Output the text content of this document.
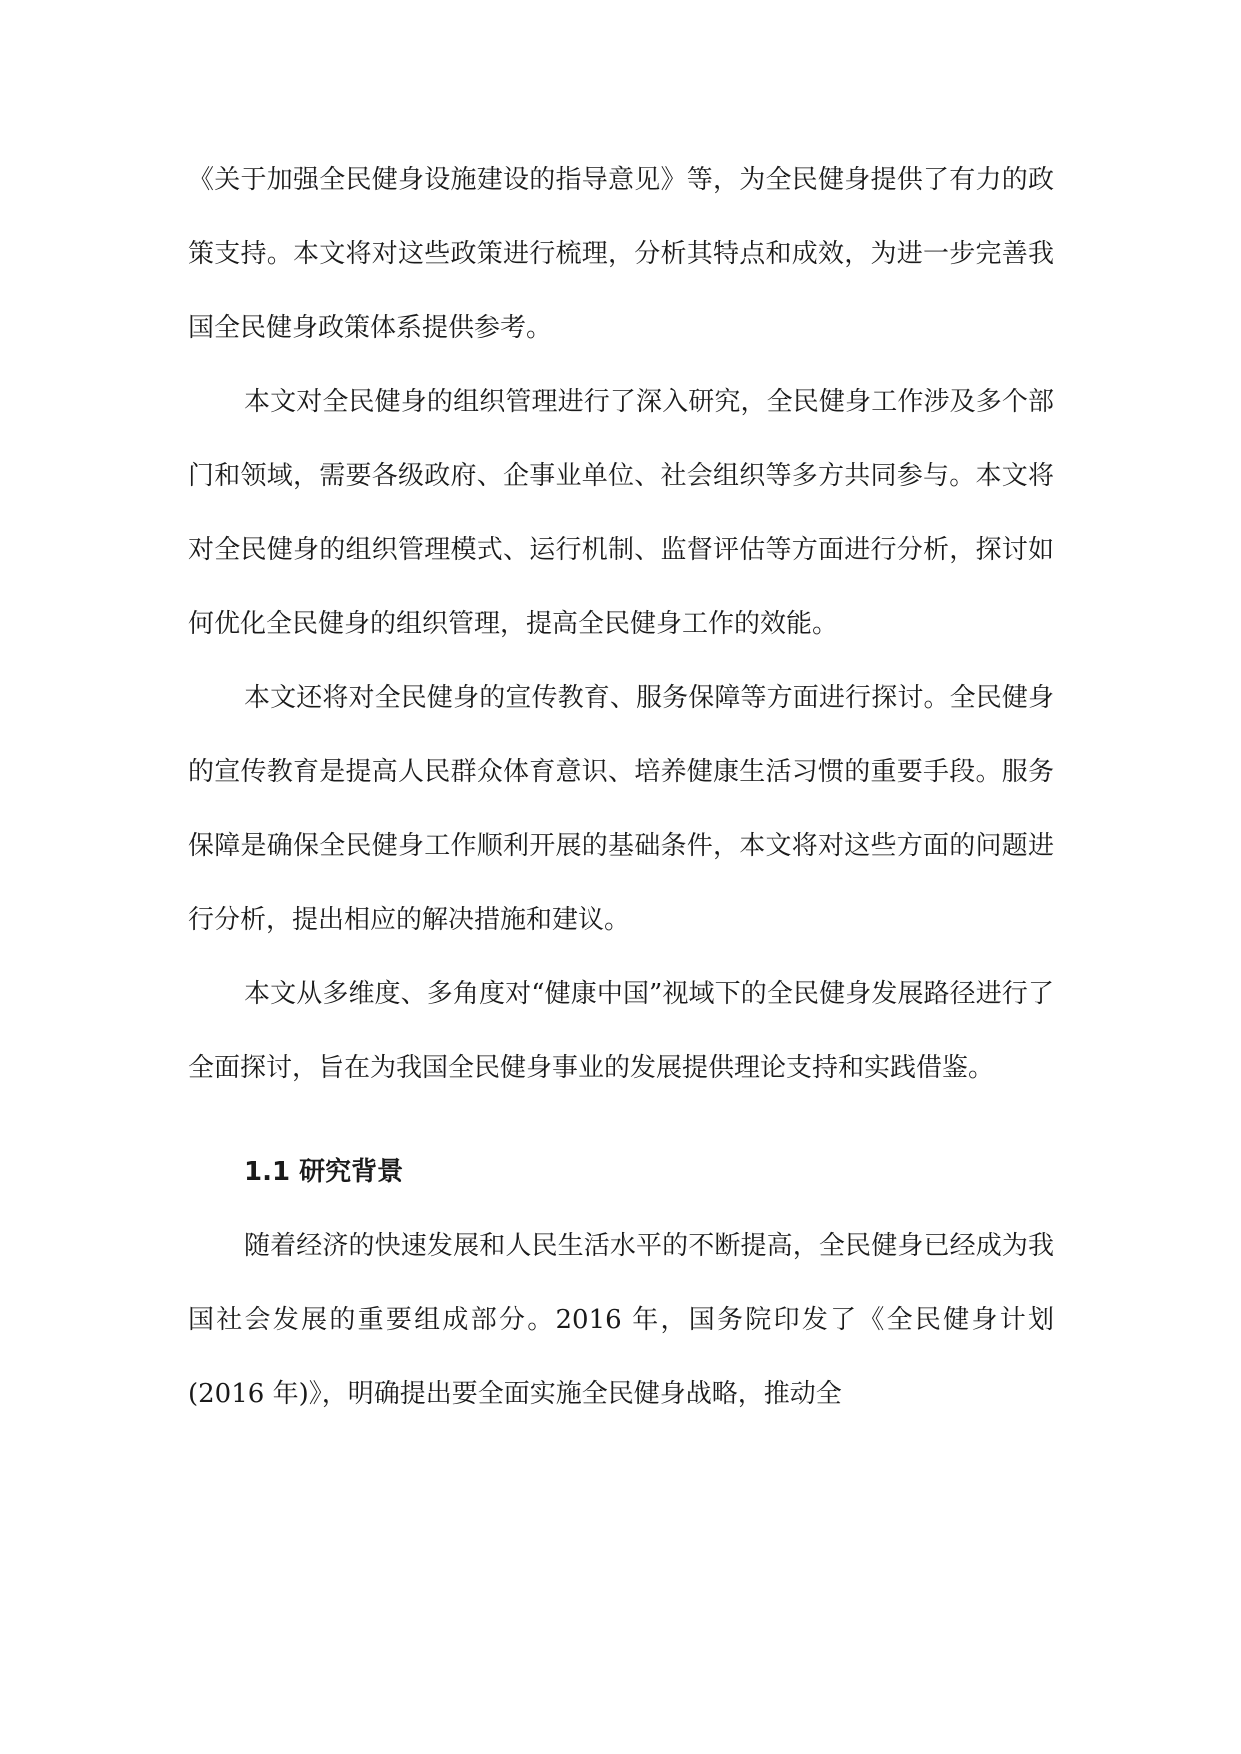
《关于加强全民健身设施建设的指导意见》等，为全民健身提供了有力的政策支持。本文将对这些政策进行梳理，分析其特点和成效，为进一步完善我国全民健身政策体系提供参考。

本文对全民健身的组织管理进行了深入研究，全民健身工作涉及多个部门和领域，需要各级政府、企事业单位、社会组织等多方共同参与。本文将对全民健身的组织管理模式、运行机制、监督评估等方面进行分析，探讨如何优化全民健身的组织管理，提高全民健身工作的效能。

本文还将对全民健身的宣传教育、服务保障等方面进行探讨。全民健身的宣传教育是提高人民群众体育意识、培养健康生活习惯的重要手段。服务保障是确保全民健身工作顺利开展的基础条件，本文将对这些方面的问题进行分析，提出相应的解决措施和建议。

本文从多维度、多角度对“健康中国”视域下的全民健身发展路径进行了全面探讨，旨在为我国全民健身事业的发展提供理论支持和实践借鉴。

1.1 研究背景

随着经济的快速发展和人民生活水平的不断提高，全民健身已经成为我国社会发展的重要组成部分。2016 年，国务院印发了《全民健身计划(2016 年)》，明确提出要全面实施全民健身战略，推动全
